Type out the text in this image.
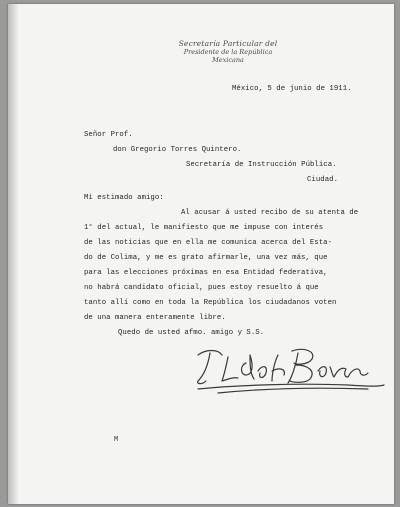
Secretaría Particular del
Presidente de la República
Mexicana
México, 5 de junio de 1911.
Señor Prof.
don Gregorio Torres Quintero.
Secretaría de Instrucción Pública.
Ciudad.
Mi estimado amigo:
Al acusar á usted recibo de su atenta de
1° del actual, le manifiesto que me impuse con interés
de las noticias que en ella me comunica acerca del Esta-
do de Colima, y me es grato afirmarle, una vez más, que
para las elecciones próximas en esa Entidad federativa,
no habrá candidato oficial, pues estoy resuelto á que
tanto allí como en toda la República los ciudadanos voten
de una manera enteramente libre.
Quedo de usted afmo. amigo y S.S.
M
